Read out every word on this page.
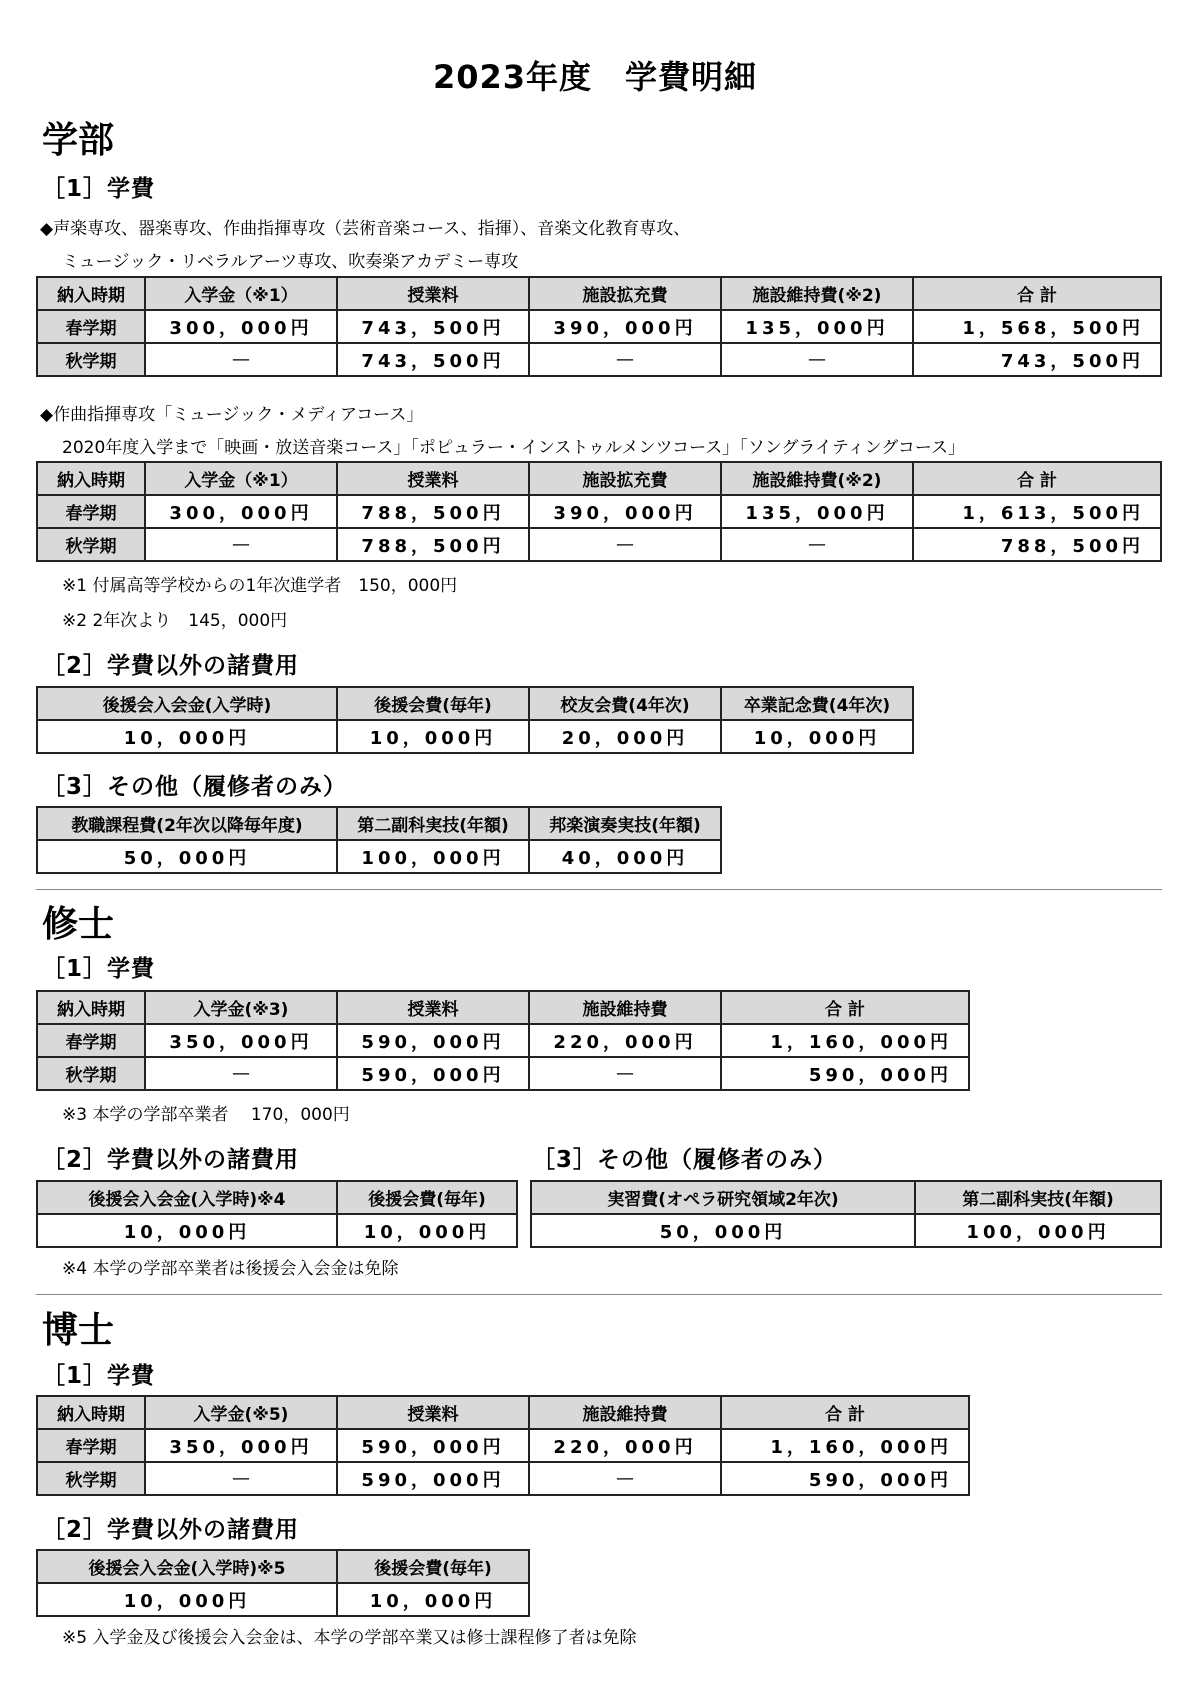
2023年度　学費明細
学部
［1］学費
◆声楽専攻、器楽専攻、作曲指揮専攻（芸術音楽コース、指揮）、音楽文化教育専攻、
ミュージック・リベラルアーツ専攻、吹奏楽アカデミー専攻
納入時期	入学金（※1）	授業料	施設拡充費	施設維持費(※2)	合 計
春学期	300，000円	743，500円	390，000円	135，000円	1，568，500円
秋学期	—	743，500円	—	—	743，500円
◆作曲指揮専攻「ミュージック・メディアコース」
2020年度入学まで「映画・放送音楽コース」「ポピュラー・インストゥルメンツコース」「ソングライティングコース」
納入時期	入学金（※1）	授業料	施設拡充費	施設維持費(※2)	合 計
春学期	300，000円	788，500円	390，000円	135，000円	1，613，500円
秋学期	—	788，500円	—	—	788，500円
※1 付属高等学校からの1年次進学者　150，000円
※2 2年次より　145，000円
［2］学費以外の諸費用
後援会入会金(入学時)	後援会費(毎年)	校友会費(4年次)	卒業記念費(4年次)
10，000円	10，000円	20，000円	10，000円
［3］その他（履修者のみ）
教職課程費(2年次以降毎年度)	第二副科実技(年額)	邦楽演奏実技(年額)
50，000円	100，000円	40，000円
修士
［1］学費
納入時期	入学金(※3)	授業料	施設維持費	合 計
春学期	350，000円	590，000円	220，000円	1，160，000円
秋学期	—	590，000円	—	590，000円
※3 本学の学部卒業者　 170，000円
［2］学費以外の諸費用	［3］その他（履修者のみ）
後援会入会金(入学時)※4	後援会費(毎年)
10，000円	10，000円
実習費(オペラ研究領域2年次)	第二副科実技(年額)
50，000円	100，000円
※4 本学の学部卒業者は後援会入会金は免除
博士
［1］学費
納入時期	入学金(※5)	授業料	施設維持費	合 計
春学期	350，000円	590，000円	220，000円	1，160，000円
秋学期	—	590，000円	—	590，000円
［2］学費以外の諸費用
後援会入会金(入学時)※5	後援会費(毎年)
10，000円	10，000円
※5 入学金及び後援会入会金は、本学の学部卒業又は修士課程修了者は免除
